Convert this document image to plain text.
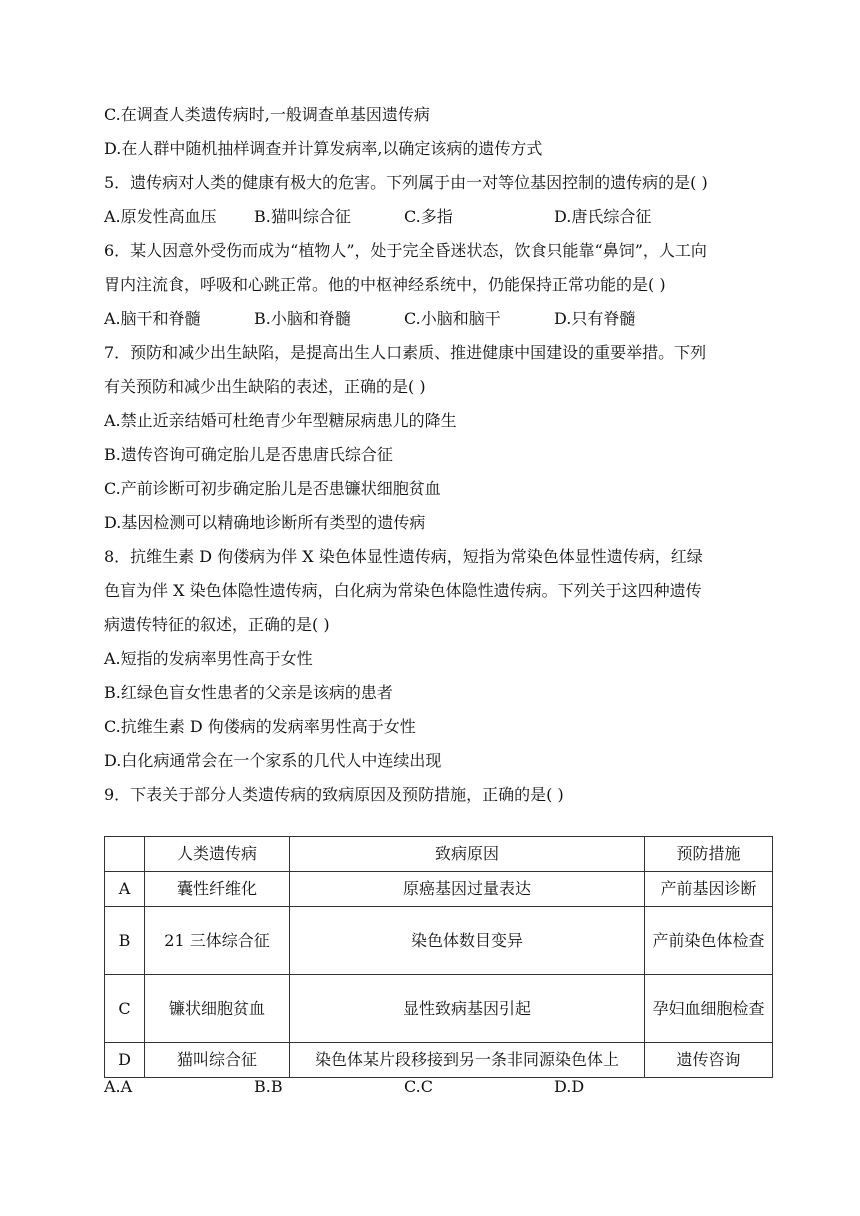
C.在调查人类遗传病时,一般调查单基因遗传病
D.在人群中随机抽样调查并计算发病率,以确定该病的遗传方式
5．遗传病对人类的健康有极大的危害。下列属于由一对等位基因控制的遗传病的是( )
A.原发性高血压 B.猫叫综合征	C.多指	D.唐氏综合征
6．某人因意外受伤而成为“植物人”，处于完全昏迷状态，饮食只能靠“鼻饲”，人工向
胃内注流食，呼吸和心跳正常。他的中枢神经系统中，仍能保持正常功能的是( )
A.脑干和脊髓	B.小脑和脊髓	C.小脑和脑干	D.只有脊髓
7．预防和减少出生缺陷，是提高出生人口素质、推进健康中国建设的重要举措。下列
有关预防和减少出生缺陷的表述，正确的是( )
A.禁止近亲结婚可杜绝青少年型糖尿病患儿的降生
B.遗传咨询可确定胎儿是否患唐氏综合征
C.产前诊断可初步确定胎儿是否患镰状细胞贫血
D.基因检测可以精确地诊断所有类型的遗传病
8．抗维生素 D 佝偻病为伴 X 染色体显性遗传病，短指为常染色体显性遗传病，红绿
色盲为伴 X 染色体隐性遗传病，白化病为常染色体隐性遗传病。下列关于这四种遗传
病遗传特征的叙述，正确的是( )
A.短指的发病率男性高于女性
B.红绿色盲女性患者的父亲是该病的患者
C.抗维生素 D 佝偻病的发病率男性高于女性
D.白化病通常会在一个家系的几代人中连续出现
9．下表关于部分人类遗传病的致病原因及预防措施，正确的是( )
	人类遗传病	致病原因	预防措施
A	囊性纤维化	原癌基因过量表达	产前基因诊断
B	21 三体综合征	染色体数目变异	产前染色体检查
C	镰状细胞贫血	显性致病基因引起	孕妇血细胞检查
D	猫叫综合征	染色体某片段移接到另一条非同源染色体上	遗传咨询
A.A	B.B	C.C	D.D
